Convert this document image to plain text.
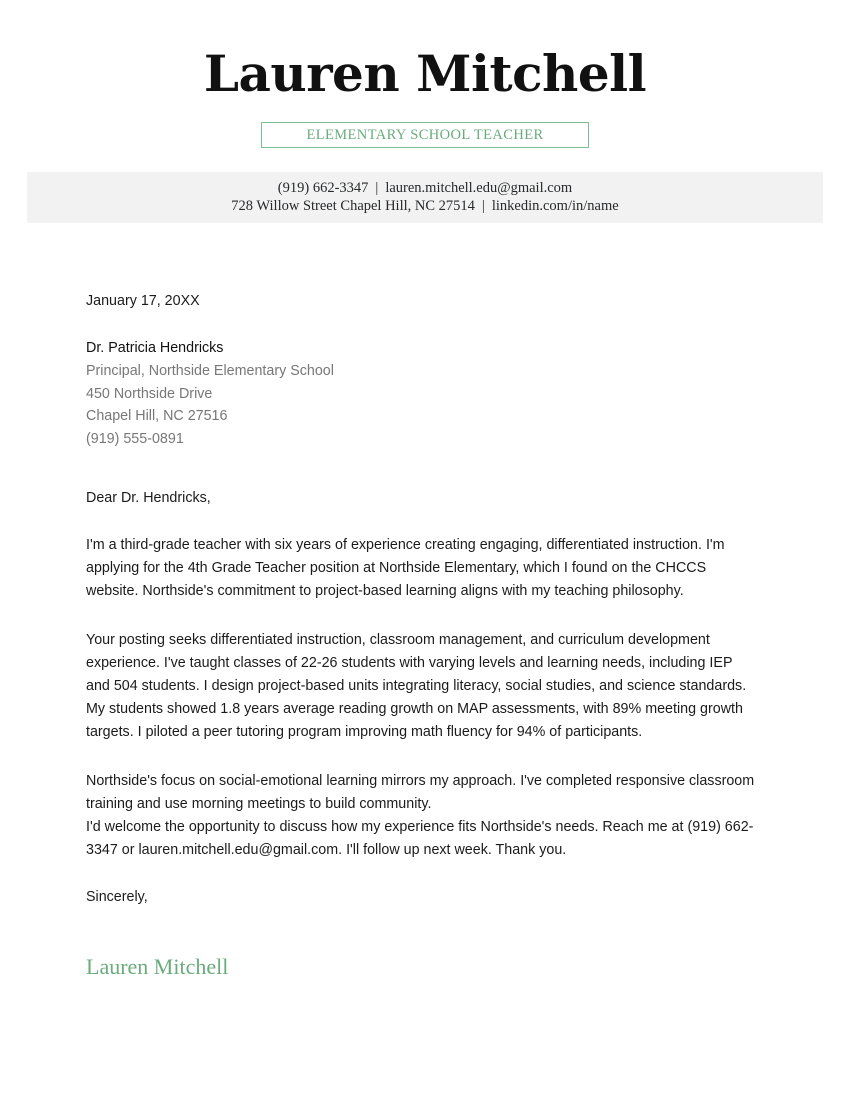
Lauren Mitchell
ELEMENTARY SCHOOL TEACHER
(919) 662-3347 | lauren.mitchell.edu@gmail.com
728 Willow Street Chapel Hill, NC 27514 | linkedin.com/in/name
January 17, 20XX
Dr. Patricia Hendricks
Principal, Northside Elementary School
450 Northside Drive
Chapel Hill, NC 27516
(919) 555-0891
Dear Dr. Hendricks,

I'm a third-grade teacher with six years of experience creating engaging, differentiated instruction. I'm applying for the 4th Grade Teacher position at Northside Elementary, which I found on the CHCCS website. Northside's commitment to project-based learning aligns with my teaching philosophy.

Your posting seeks differentiated instruction, classroom management, and curriculum development experience. I've taught classes of 22-26 students with varying levels and learning needs, including IEP and 504 students. I design project-based units integrating literacy, social studies, and science standards. My students showed 1.8 years average reading growth on MAP assessments, with 89% meeting growth targets. I piloted a peer tutoring program improving math fluency for 94% of participants.

Northside's focus on social-emotional learning mirrors my approach. I've completed responsive classroom training and use morning meetings to build community.
I'd welcome the opportunity to discuss how my experience fits Northside's needs. Reach me at (919) 662-3347 or lauren.mitchell.edu@gmail.com. I'll follow up next week. Thank you.

Sincerely,
Lauren Mitchell
